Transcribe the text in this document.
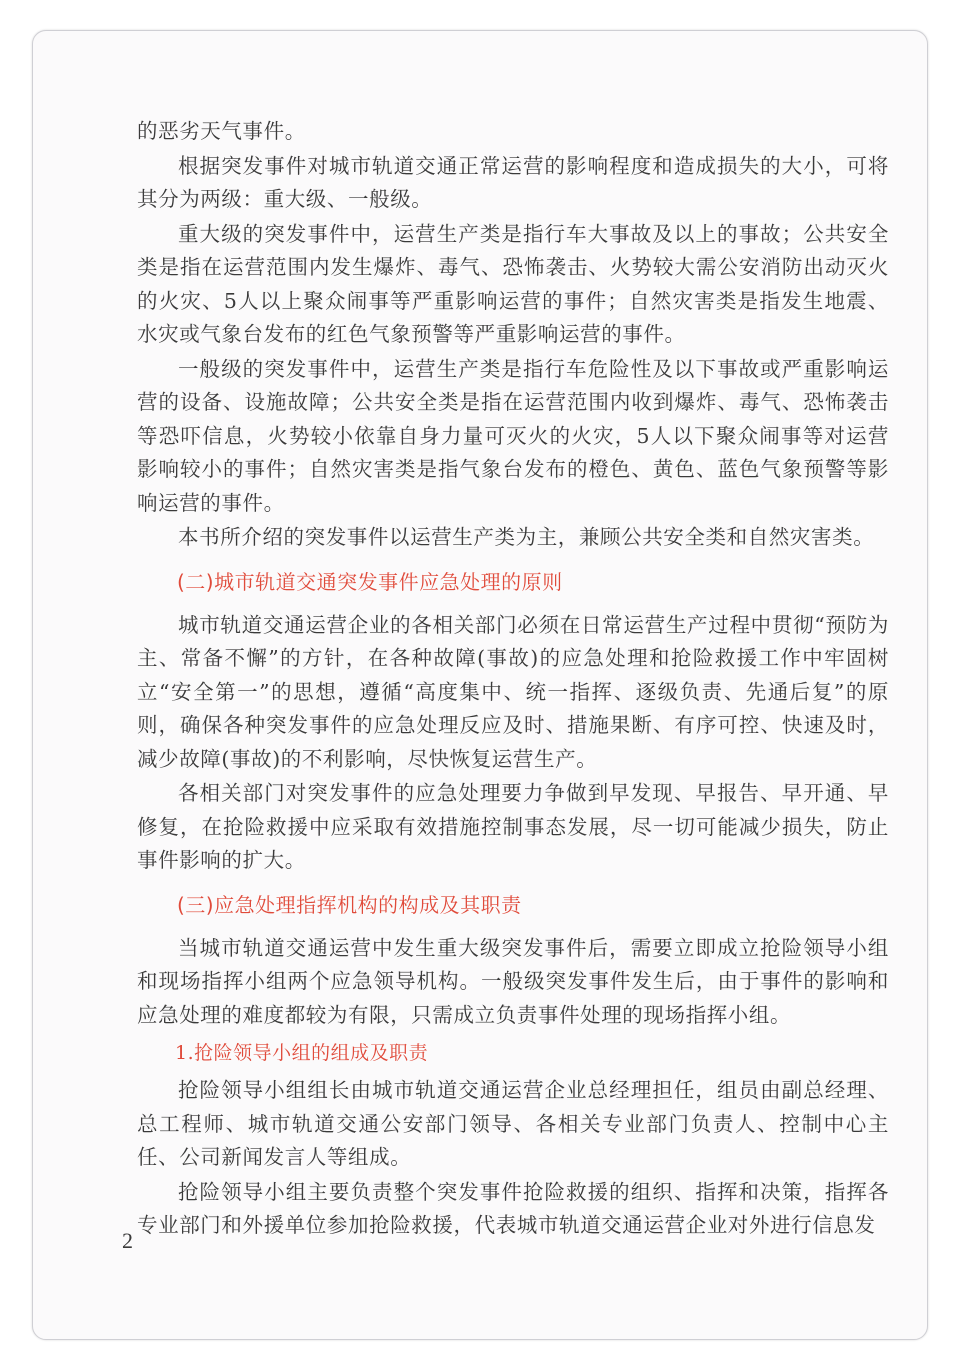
的恶劣天气事件。

根据突发事件对城市轨道交通正常运营的影响程度和造成损失的大小，可将其分为两级：重大级、一般级。

重大级的突发事件中，运营生产类是指行车大事故及以上的事故；公共安全类是指在运营范围内发生爆炸、毒气、恐怖袭击、火势较大需公安消防出动灭火的火灾、5人以上聚众闹事等严重影响运营的事件；自然灾害类是指发生地震、水灾或气象台发布的红色气象预警等严重影响运营的事件。

一般级的突发事件中，运营生产类是指行车危险性及以下事故或严重影响运营的设备、设施故障；公共安全类是指在运营范围内收到爆炸、毒气、恐怖袭击等恐吓信息，火势较小依靠自身力量可灭火的火灾，5人以下聚众闹事等对运营影响较小的事件；自然灾害类是指气象台发布的橙色、黄色、蓝色气象预警等影响运营的事件。

本书所介绍的突发事件以运营生产类为主，兼顾公共安全类和自然灾害类。

(二)城市轨道交通突发事件应急处理的原则

城市轨道交通运营企业的各相关部门必须在日常运营生产过程中贯彻“预防为主、常备不懈”的方针，在各种故障(事故)的应急处理和抢险救援工作中牢固树立“安全第一”的思想，遵循“高度集中、统一指挥、逐级负责、先通后复”的原则，确保各种突发事件的应急处理反应及时、措施果断、有序可控、快速及时，减少故障(事故)的不利影响，尽快恢复运营生产。

各相关部门对突发事件的应急处理要力争做到早发现、早报告、早开通、早修复，在抢险救援中应采取有效措施控制事态发展，尽一切可能减少损失，防止事件影响的扩大。

(三)应急处理指挥机构的构成及其职责

当城市轨道交通运营中发生重大级突发事件后，需要立即成立抢险领导小组和现场指挥小组两个应急领导机构。一般级突发事件发生后，由于事件的影响和应急处理的难度都较为有限，只需成立负责事件处理的现场指挥小组。

1.抢险领导小组的组成及职责

抢险领导小组组长由城市轨道交通运营企业总经理担任，组员由副总经理、总工程师、城市轨道交通公安部门领导、各相关专业部门负责人、控制中心主任、公司新闻发言人等组成。

抢险领导小组主要负责整个突发事件抢险救援的组织、指挥和决策，指挥各专业部门和外援单位参加抢险救援，代表城市轨道交通运营企业对外进行信息发

2
